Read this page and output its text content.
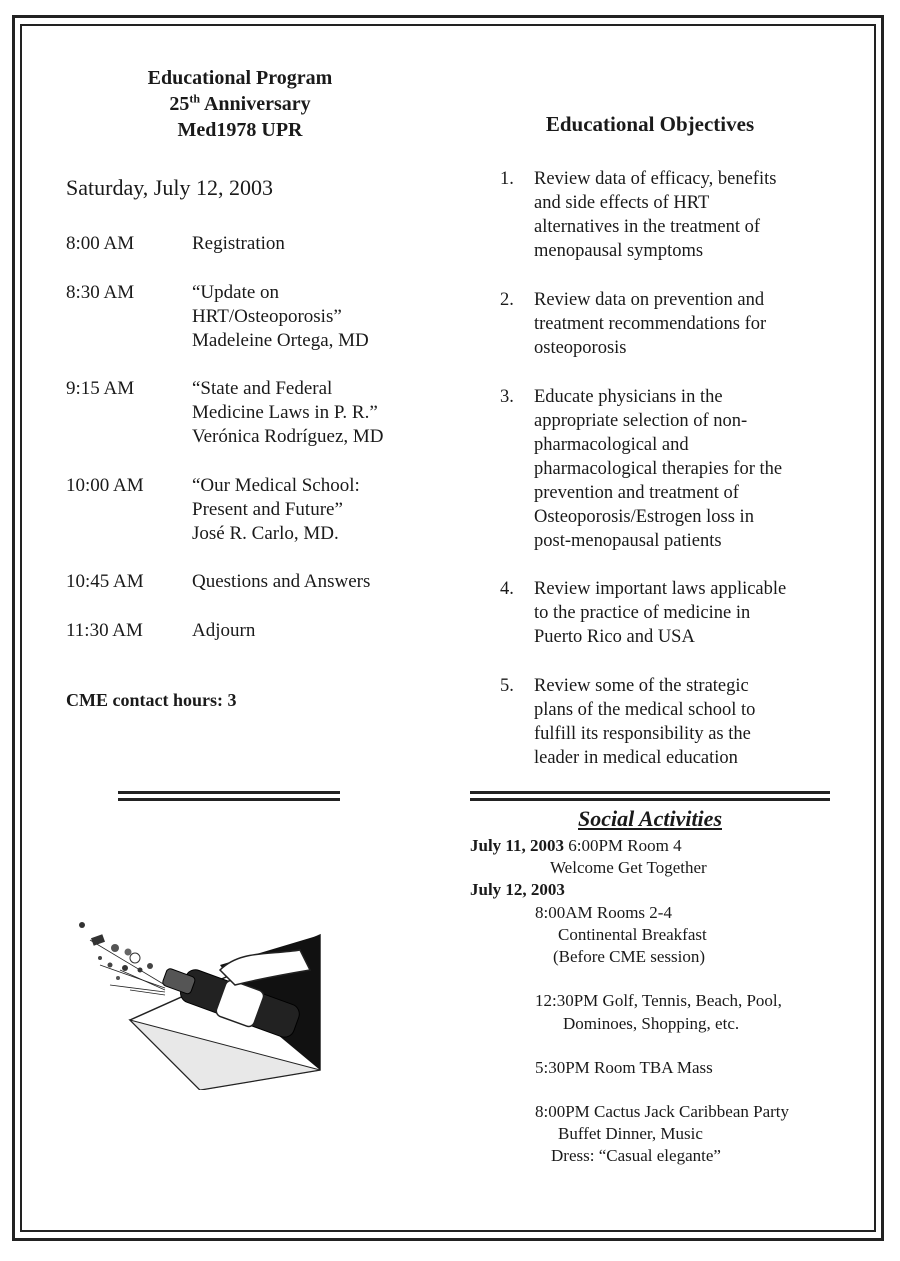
Educational Program
25th Anniversary
Med1978 UPR
Saturday, July 12, 2003
8:00 AM	Registration
8:30 AM	“Update on
HRT/Osteoporosis”
Madeleine Ortega, MD
9:15 AM	“State and Federal
Medicine Laws in P. R.”
Verónica Rodríguez, MD
10:00 AM	“Our Medical School:
Present and Future”
José R. Carlo, MD.
10:45 AM	Questions and Answers
11:30 AM	Adjourn
CME contact hours: 3
Educational Objectives
1.	Review data of efficacy, benefits
and side effects of HRT
alternatives in the treatment of
menopausal symptoms
2.	Review data on prevention and
treatment recommendations for
osteoporosis
3.	Educate physicians in the
appropriate selection of non-
pharmacological and
pharmacological therapies for the
prevention and treatment of
Osteoporosis/Estrogen loss in
post-menopausal patients
4.	Review important laws applicable
to the practice of medicine in
Puerto Rico and USA
5.	Review some of the strategic
plans of the medical school to
fulfill its responsibility as the
leader in medical education
Social Activities
July 11, 2003 6:00PM Room 4
Welcome Get Together
July 12, 2003
8:00AM Rooms 2-4
Continental Breakfast
(Before CME session)
12:30PM Golf, Tennis, Beach, Pool,
Dominoes, Shopping, etc.
5:30PM Room TBA Mass
8:00PM Cactus Jack Caribbean Party
Buffet Dinner, Music
Dress: “Casual elegante”
